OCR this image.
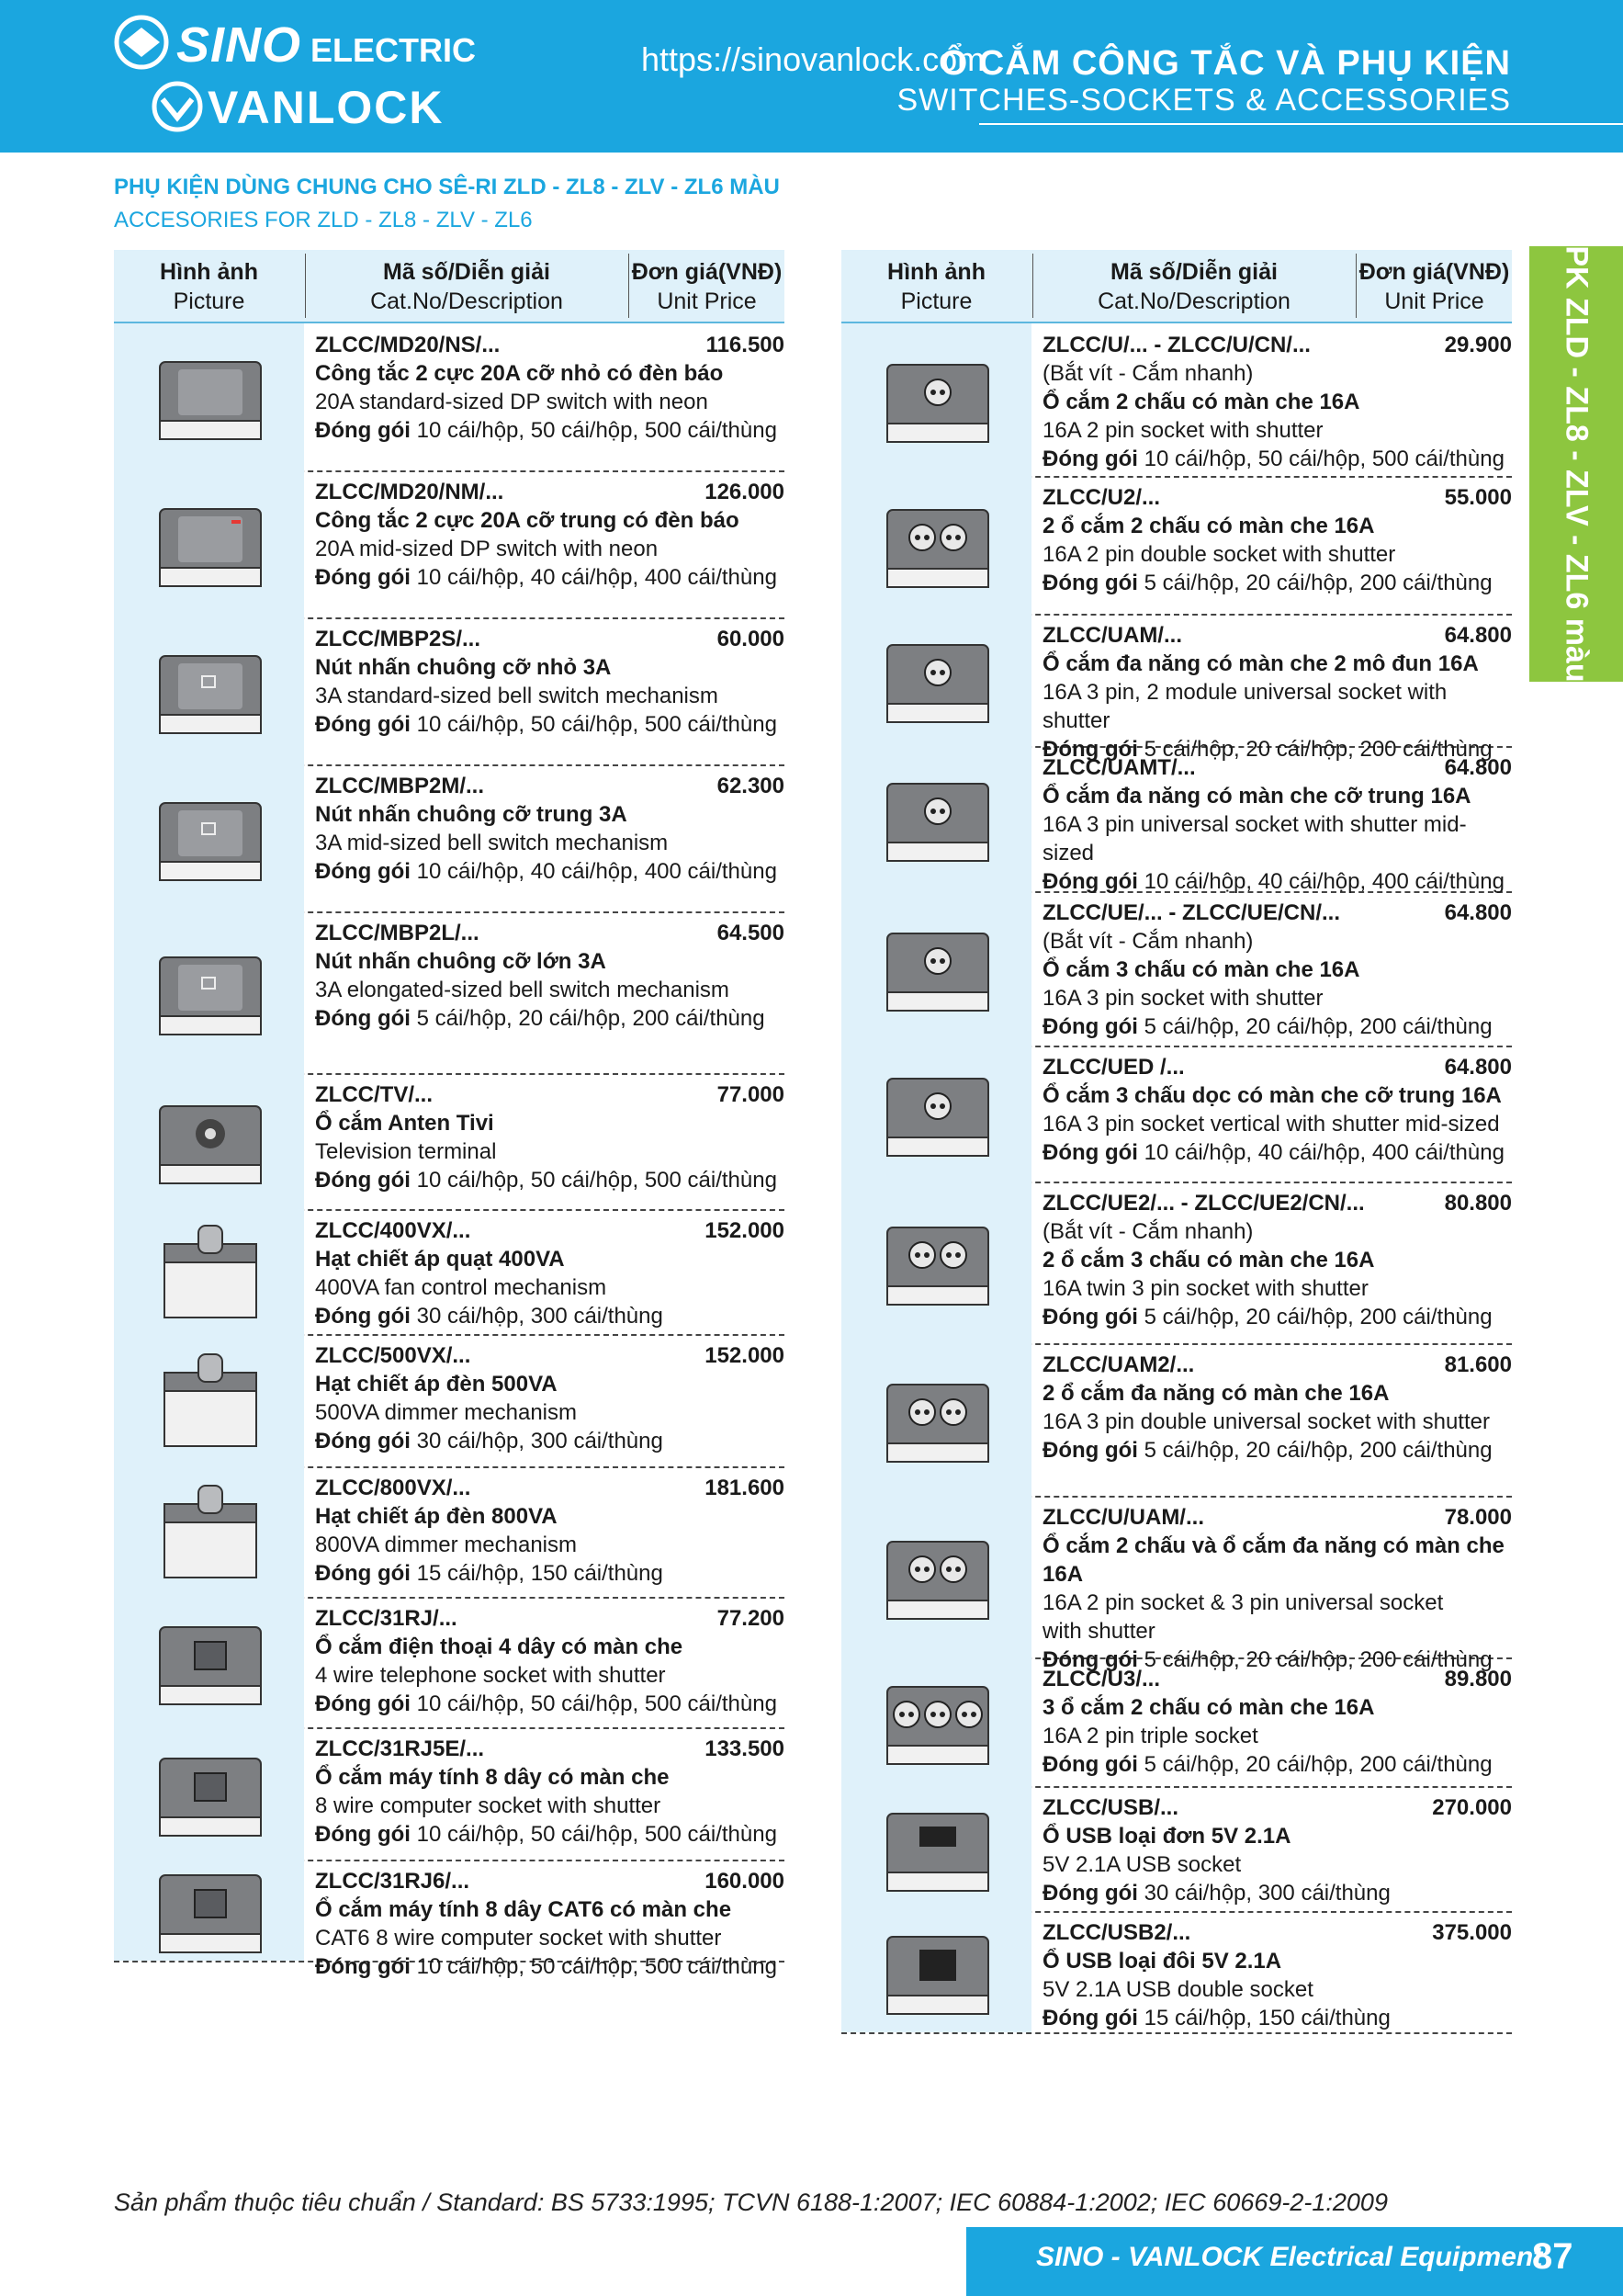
SINO ELECTRIC
VANLOCK
https://sinovanlock.com
Ổ CẮM CÔNG TẮC VÀ PHỤ KIỆN
SWITCHES-SOCKETS & ACCESSORIES
PHỤ KIỆN DÙNG CHUNG CHO SÊ-RI ZLD - ZL8 - ZLV - ZL6 MÀU
ACCESORIES FOR ZLD - ZL8 - ZLV - ZL6
PK ZLD - ZL8 - ZLV - ZL6 màu
Hình ảnh
Picture
Mã số/Diễn giải
Cat.No/Description
Đơn giá(VNĐ)
Unit Price
ZLCC/MD20/NS/...	116.500
Công tắc 2 cực 20A cỡ nhỏ có đèn báo
20A standard-sized DP switch with neon
Đóng gói 10 cái/hộp, 50 cái/hộp, 500 cái/thùng
ZLCC/MD20/NM/...	126.000
Công tắc 2 cực 20A cỡ trung có đèn báo
20A mid-sized DP switch with neon
Đóng gói 10 cái/hộp, 40 cái/hộp, 400 cái/thùng
ZLCC/MBP2S/...	60.000
Nút nhấn chuông cỡ nhỏ 3A
3A standard-sized bell switch mechanism
Đóng gói 10 cái/hộp, 50 cái/hộp, 500 cái/thùng
ZLCC/MBP2M/...	62.300
Nút nhấn chuông cỡ trung 3A
3A mid-sized bell switch mechanism
Đóng gói 10 cái/hộp, 40 cái/hộp, 400 cái/thùng
ZLCC/MBP2L/...	64.500
Nút nhấn chuông cỡ lớn 3A
3A elongated-sized bell switch mechanism
Đóng gói 5 cái/hộp, 20 cái/hộp, 200 cái/thùng
ZLCC/TV/...	77.000
Ổ cắm Anten Tivi
Television terminal
Đóng gói 10 cái/hộp, 50 cái/hộp, 500 cái/thùng
ZLCC/400VX/...	152.000
Hạt chiết áp quạt 400VA
400VA fan control mechanism
Đóng gói 30 cái/hộp, 300 cái/thùng
ZLCC/500VX/...	152.000
Hạt chiết áp đèn 500VA
500VA dimmer mechanism
Đóng gói 30 cái/hộp, 300 cái/thùng
ZLCC/800VX/...	181.600
Hạt chiết áp đèn 800VA
800VA dimmer mechanism
Đóng gói 15 cái/hộp, 150 cái/thùng
ZLCC/31RJ/...	77.200
Ổ cắm điện thoại 4 dây có màn che
4 wire telephone socket with shutter
Đóng gói 10 cái/hộp, 50 cái/hộp, 500 cái/thùng
ZLCC/31RJ5E/...	133.500
Ổ cắm máy tính 8 dây có màn che
8 wire computer socket with shutter
Đóng gói 10 cái/hộp, 50 cái/hộp, 500 cái/thùng
ZLCC/31RJ6/...	160.000
Ổ cắm máy tính 8 dây CAT6 có màn che
CAT6 8 wire computer socket with shutter
Đóng gói 10 cái/hộp, 50 cái/hộp, 500 cái/thùng
Hình ảnh
Picture
Mã số/Diễn giải
Cat.No/Description
Đơn giá(VNĐ)
Unit Price
ZLCC/U/... - ZLCC/U/CN/...	29.900
(Bắt vít - Cắm nhanh)
Ổ cắm 2 chấu có màn che 16A
16A 2 pin socket with shutter
Đóng gói 10 cái/hộp, 50 cái/hộp, 500 cái/thùng
ZLCC/U2/...	55.000
2 ổ cắm 2 chấu có màn che 16A
16A 2 pin double socket with shutter
Đóng gói 5 cái/hộp, 20 cái/hộp, 200 cái/thùng
ZLCC/UAM/...	64.800
Ổ cắm đa năng có màn che 2 mô đun 16A
16A 3 pin, 2 module universal socket with shutter
Đóng gói 5 cái/hộp, 20 cái/hộp, 200 cái/thùng
ZLCC/UAMT/...	64.800
Ổ cắm đa năng có màn che cỡ trung 16A
16A 3 pin universal socket with shutter mid-sized
Đóng gói 10 cái/hộp, 40 cái/hộp, 400 cái/thùng
ZLCC/UE/... - ZLCC/UE/CN/...	64.800
(Bắt vít - Cắm nhanh)
Ổ cắm 3 chấu có màn che 16A
16A 3 pin socket with shutter
Đóng gói 5 cái/hộp, 20 cái/hộp, 200 cái/thùng
ZLCC/UED /...	64.800
Ổ cắm 3 chấu dọc có màn che cỡ trung 16A
16A 3 pin socket vertical with shutter mid-sized
Đóng gói 10 cái/hộp, 40 cái/hộp, 400 cái/thùng
ZLCC/UE2/... - ZLCC/UE2/CN/...	80.800
(Bắt vít - Cắm nhanh)
2 ổ cắm 3 chấu có màn che 16A
16A twin 3 pin socket with shutter
Đóng gói 5 cái/hộp, 20 cái/hộp, 200 cái/thùng
ZLCC/UAM2/...	81.600
2 ổ cắm đa năng có màn che 16A
16A 3 pin double universal socket with shutter
Đóng gói 5 cái/hộp, 20 cái/hộp, 200 cái/thùng
ZLCC/U/UAM/...	78.000
Ổ cắm 2 chấu và ổ cắm đa năng có màn che 16A
16A 2 pin socket & 3 pin universal socket
with shutter
Đóng gói 5 cái/hộp, 20 cái/hộp, 200 cái/thùng
ZLCC/U3/...	89.800
3 ổ cắm 2 chấu có màn che 16A
16A 2 pin triple socket
Đóng gói 5 cái/hộp, 20 cái/hộp, 200 cái/thùng
ZLCC/USB/...	270.000
Ổ USB loại đơn 5V 2.1A
5V 2.1A USB socket
Đóng gói 30 cái/hộp, 300 cái/thùng
ZLCC/USB2/...	375.000
Ổ USB loại đôi 5V 2.1A
5V 2.1A USB double socket
Đóng gói 15 cái/hộp, 150 cái/thùng
Sản phẩm thuộc tiêu chuẩn / Standard: BS 5733:1995; TCVN 6188-1:2007; IEC 60884-1:2002; IEC 60669-2-1:2009
SINO - VANLOCK Electrical Equipment
87
